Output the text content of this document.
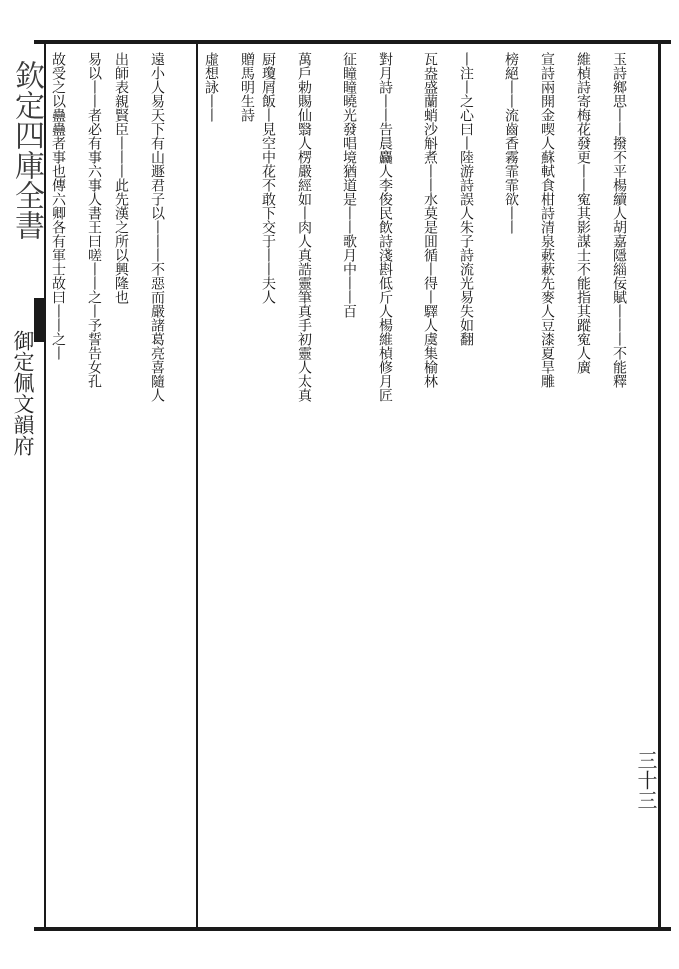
欽定四庫全書
御定佩文韻府
玉詩鄉思丨丨撥不平楊續人胡嘉隱緇佞賦丨丨丨不能釋
維楨詩寄梅花發更丨丨寃其影謀士不能指其蹤寃人廣
宣詩兩開金喫人蘇軾食柑詩清泉蔌蔌先麥人豆漆夏旱雕
榜絕丨丨流齒香霧霏霏欲丨丨
丨注丨之心曰丨陸游詩誤人朱子詩流光易失如翻
瓦盎盛蘭蛸沙斛煮丨丨水莫是囬循丨得丨驛人虞集榆林
對月詩丨丨告晨麤人李俊民飲詩淺斟低斤人楊維楨修月匠
征瞳瞳曉光發唱境猶道是丨丨歌月中丨丨百
萬戶勅賜仙翳人楞嚴經如丨肉人真誥靈筆真手初靈人太真
厨瓊屑飯丨見空中花不敢下交于丨丨夫人
贈馬明生詩
虛想詠丨丨
遠小人易天下有山遯君子以丨丨丨不惡而嚴諸葛亮喜隨人
出師表親賢臣丨丨丨此先漢之所以興隆也
易以丨丨者必有事六事人書王曰嗟丨丨之丨予誓告女孔
故受之以蠱蠱者事也傳六卿各有軍士故曰丨丨之丨
三十三
